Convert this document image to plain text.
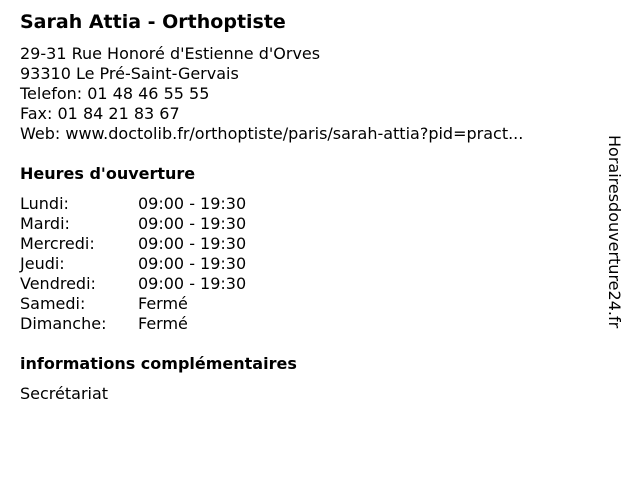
Sarah Attia - Orthoptiste
29-31 Rue Honoré d'Estienne d'Orves
93310 Le Pré-Saint-Gervais
Telefon: 01 48 46 55 55
Fax: 01 84 21 83 67
Web: www.doctolib.fr/orthoptiste/paris/sarah-attia?pid=pract...
Heures d'ouverture
Lundi:	09:00 - 19:30
Mardi:	09:00 - 19:30
Mercredi:	09:00 - 19:30
Jeudi:	09:00 - 19:30
Vendredi:	09:00 - 19:30
Samedi:	Fermé
Dimanche:	Fermé
informations complémentaires
Secrétariat
Horairesdouverture24.fr
